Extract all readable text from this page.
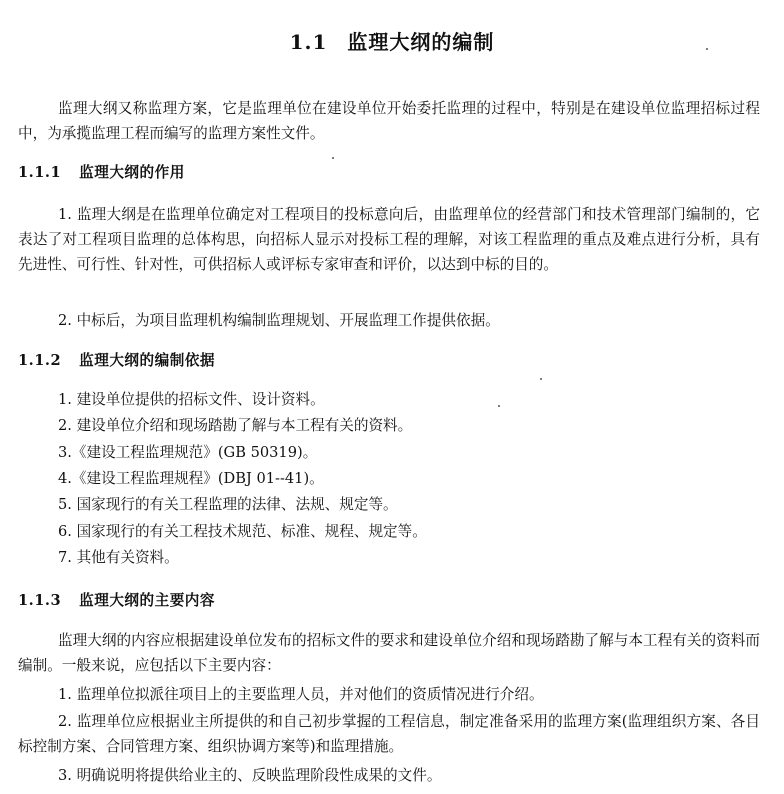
1.1 监理大纲的编制
监理大纲又称监理方案，它是监理单位在建设单位开始委托监理的过程中，特别是在建设单位监理招标过程中，为承揽监理工程而编写的监理方案性文件。
1.1.1 监理大纲的作用
1. 监理大纲是在监理单位确定对工程项目的投标意向后，由监理单位的经营部门和技术管理部门编制的，它表达了对工程项目监理的总体构思，向招标人显示对投标工程的理解，对该工程监理的重点及难点进行分析，具有先进性、可行性、针对性，可供招标人或评标专家审查和评价，以达到中标的目的。
2. 中标后，为项目监理机构编制监理规划、开展监理工作提供依据。
1.1.2 监理大纲的编制依据
1. 建设单位提供的招标文件、设计资料。
2. 建设单位介绍和现场踏勘了解与本工程有关的资料。
3.《建设工程监理规范》(GB 50319)。
4.《建设工程监理规程》(DBJ 01--41)。
5. 国家现行的有关工程监理的法律、法规、规定等。
6. 国家现行的有关工程技术规范、标准、规程、规定等。
7. 其他有关资料。
1.1.3 监理大纲的主要内容
监理大纲的内容应根据建设单位发布的招标文件的要求和建设单位介绍和现场踏勘了解与本工程有关的资料而编制。一般来说，应包括以下主要内容：
1. 监理单位拟派往项目上的主要监理人员，并对他们的资质情况进行介绍。
2. 监理单位应根据业主所提供的和自己初步掌握的工程信息，制定准备采用的监理方案(监理组织方案、各目标控制方案、合同管理方案、组织协调方案等)和监理措施。
3. 明确说明将提供给业主的、反映监理阶段性成果的文件。
